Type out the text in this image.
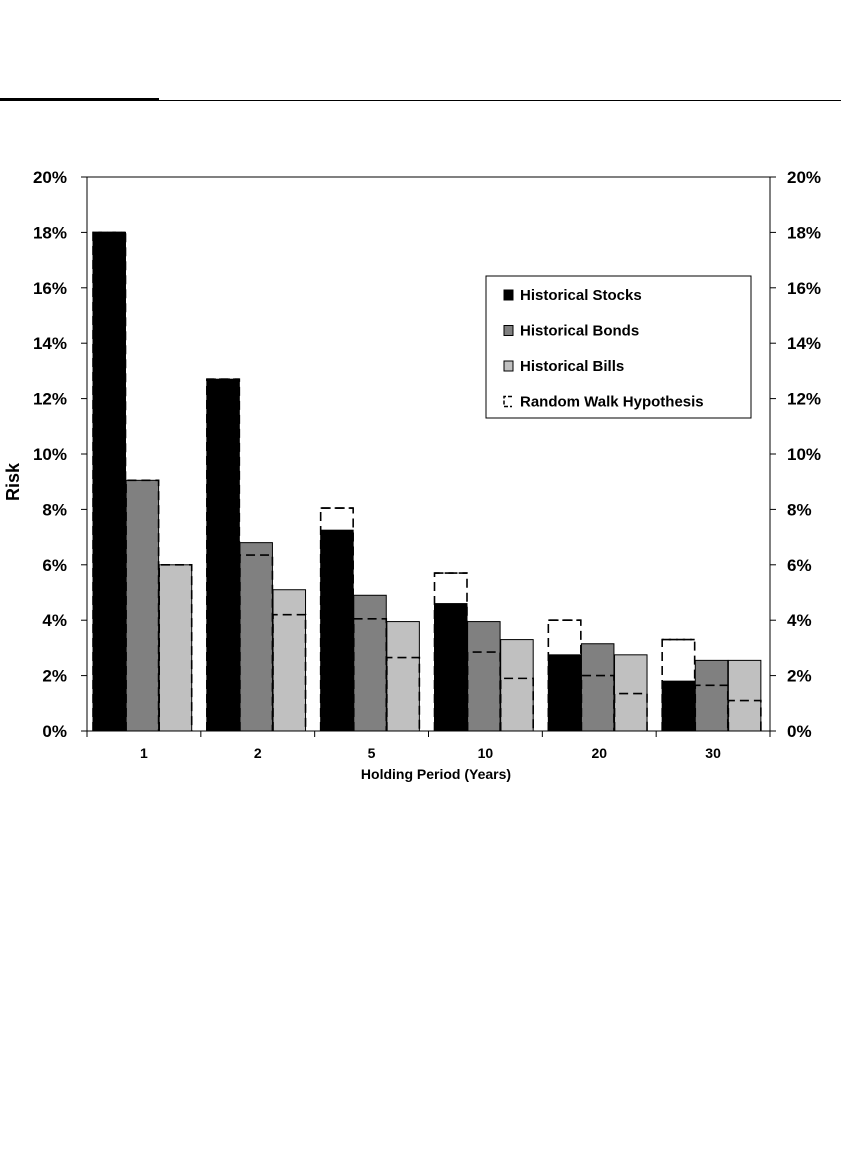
0%
2%
4%
6%
8%
10%
12%
14%
16%
18%
20%
0%
2%
4%
6%
8%
10%
12%
14%
16%
18%
20%
1	2	5	10	20	30
Holding Period (Years)
Risk
Historical Stocks
Historical Bonds
Historical Bills
Random Walk Hypothesis
